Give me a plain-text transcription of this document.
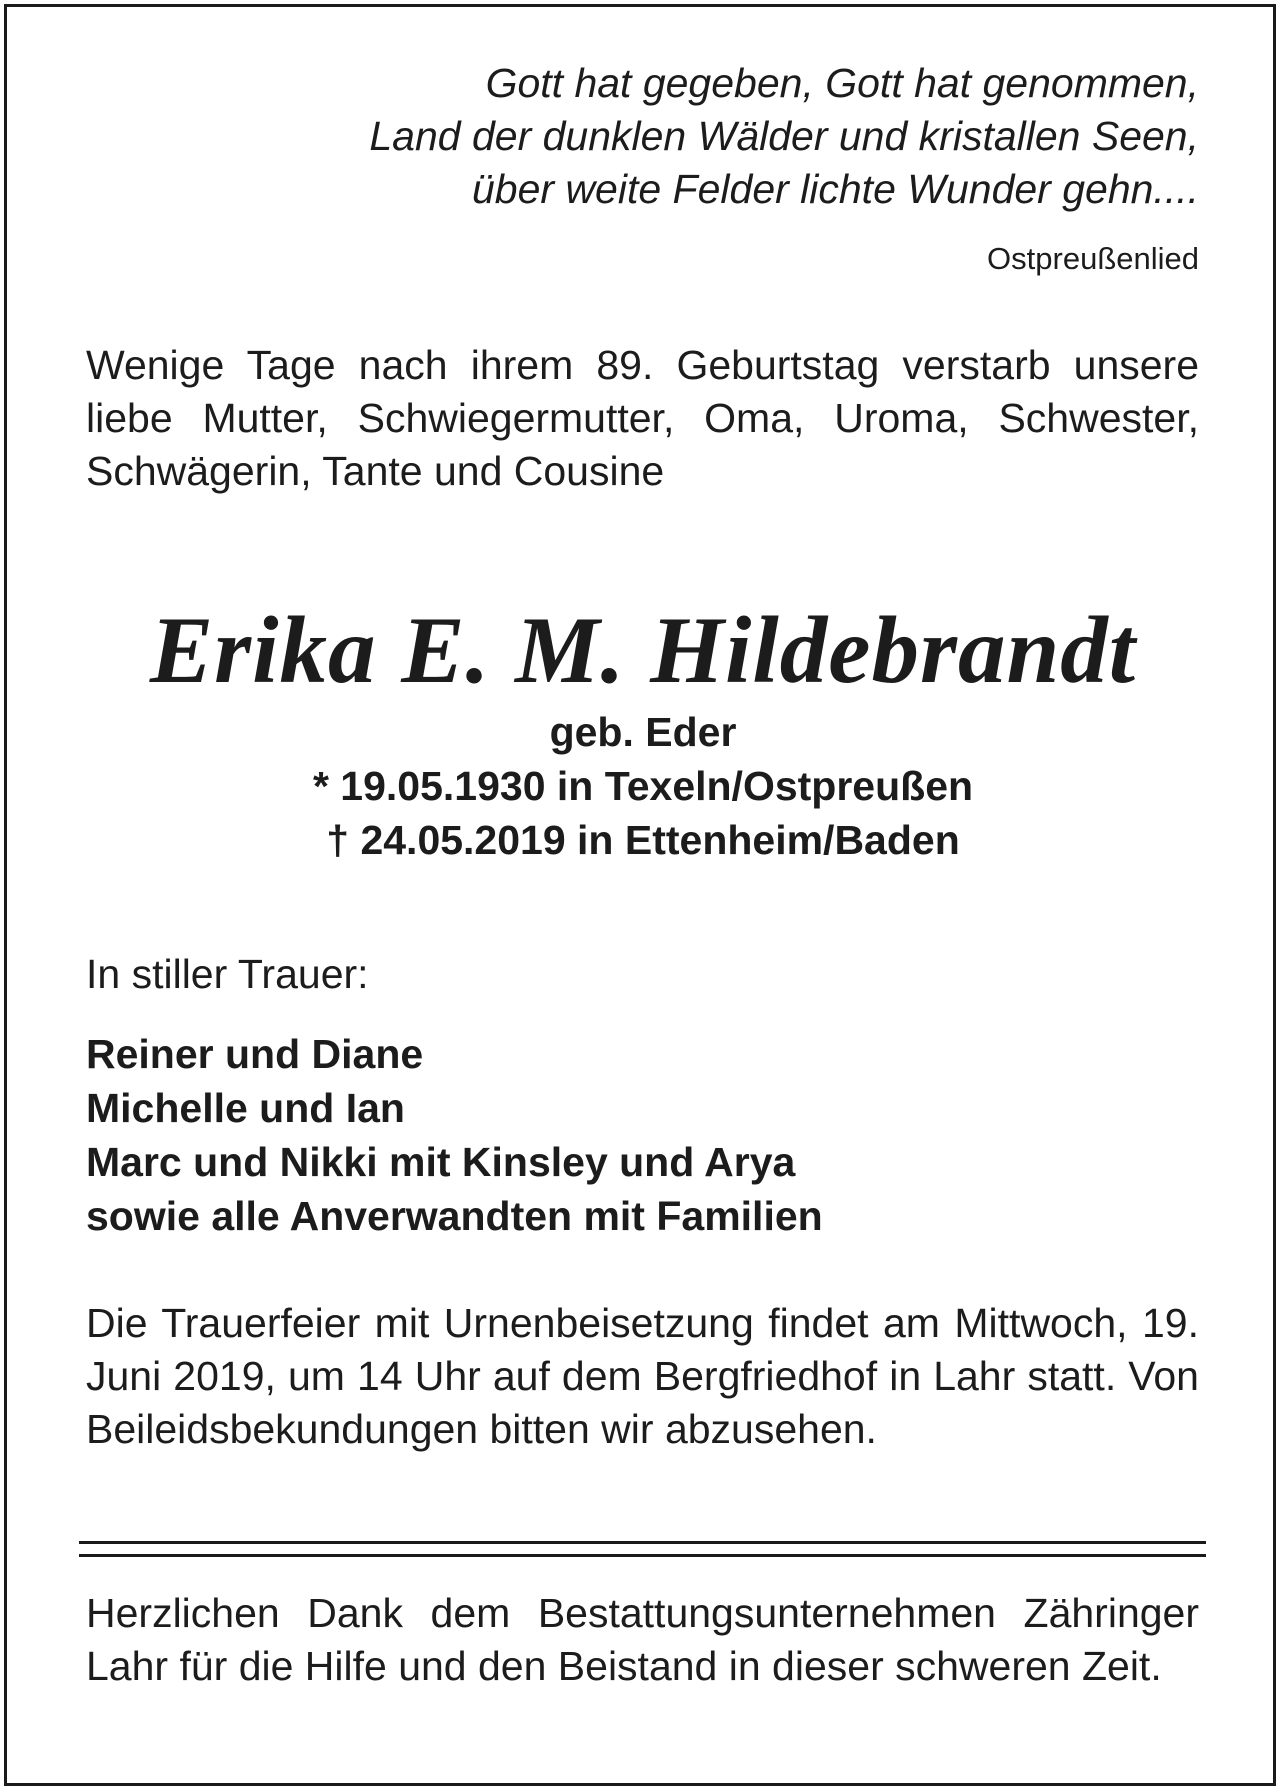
Gott hat gegeben, Gott hat genommen,
Land der dunklen Wälder und kristallen Seen,
über weite Felder lichte Wunder gehn....
Ostpreußenlied
Wenige Tage nach ihrem 89. Geburtstag verstarb unsere liebe Mutter, Schwiegermutter, Oma, Uroma, Schwester, Schwägerin, Tante und Cousine
Erika E. M. Hildebrandt
geb. Eder
* 19.05.1930 in Texeln/Ostpreußen
† 24.05.2019 in Ettenheim/Baden
In stiller Trauer:
Reiner und Diane
Michelle und Ian
Marc und Nikki mit Kinsley und Arya
sowie alle Anverwandten mit Familien
Die Trauerfeier mit Urnenbeisetzung findet am Mittwoch, 19. Juni 2019, um 14 Uhr auf dem Bergfriedhof in Lahr statt. Von Beileidsbekundungen bitten wir abzusehen.
Herzlichen Dank dem Bestattungsunternehmen Zähringer Lahr für die Hilfe und den Beistand in dieser schweren Zeit.
